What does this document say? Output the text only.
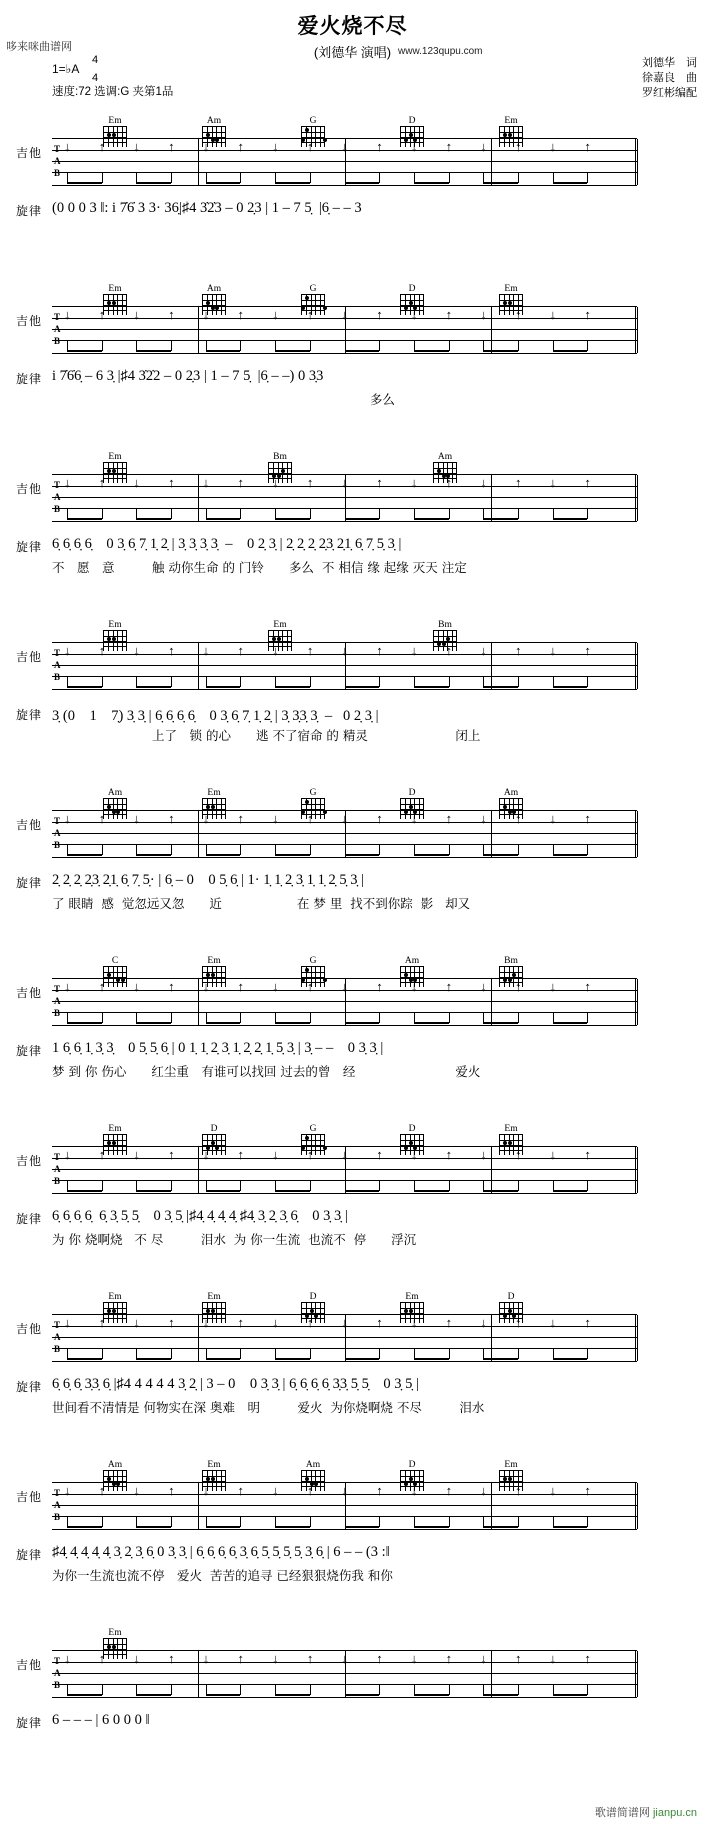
哆来咪曲谱网
爱火烧不尽
(刘德华 演唱) www.123qupu.com
刘德华　词
徐嘉良　曲
罗红彬编配
1=♭A
4

4
速度:72 选调:G 夹第1品
Em	Am	G	D	Em
吉他 T
A
B
↓ ↑ ↓ ↑ ↓ ↑ ↓ ↑ ↓ ↑ ↓ ↑ ↓ ↑ ↓ ↑
旋律 (0 0 0 3 ‖: i 7̇6̇ 3 3· 36̣|♯4 3̇2̇3 – 0 2̣3 | 1 – 7 5̣  |6̣ – – 3
Em	Am	G	D	Em
吉他 T
A
B
↓ ↑ ↓ ↑ ↓ ↑ ↓ ↑ ↓ ↑ ↓ ↑ ↓ ↑ ↓ ↑
旋律 i 7̇6̇6̣ – 6 3̣ |♯4 3̇2̇2 – 0 2̣3 | 1 – 7 5̣  |6̣ – –) 0 3̣3
多么
Em	Bm	Am
吉他 T
A
B
↓ ↑ ↓ ↑ ↓ ↑ ↓ ↑ ↓ ↑ ↓ ↑ ↓ ↑ ↓ ↑
旋律 6̣ 6̣ 6̣ 6̣    0 3̣ 6̣ 7̣ 1̣ 2̣ | 3̣ 3̣ 3̣ 3̣  –    0 2̣ 3̣ | 2̣ 2̣ 2̣ 2̣3̣ 2̣1̣ 6̣ 7̣ 5̣ 3̣ |
不　愿　意　　　触 动你生命 的 门铃　　多么  不 相信 缘 起缘 灭天 注定
Em	Em	Bm
吉他 T
A
B
↓ ↑ ↓ ↑ ↓ ↑ ↓ ↑ ↓ ↑ ↓ ↑ ↓ ↑ ↓ ↑
旋律 3̣ (0　1　7̣) 3̣ 3̣ | 6̣ 6̣ 6̣ 6̣    0 3̣ 6̣ 7̣ 1̣ 2̣ | 3̣ 3̣3̣ 3̣  –   0 2̣ 3̣ |
　　　　　　　　上了　锁 的心　　逃 不了宿命 的 精灵　　　　　　　闭上
Am	Em	G	D	Am
吉他 T
A
B
↓ ↑ ↓ ↑ ↓ ↑ ↓ ↑ ↓ ↑ ↓ ↑ ↓ ↑ ↓ ↑
旋律 2̣ 2̣ 2̣ 2̣3̣ 2̣1̣ 6̣ 7̣ 5̣· | 6̣ – 0    0 5̣ 6̣ | 1· 1̣ 1̣ 2̣ 3̣ 1̣ 1̣ 2̣ 5̣ 3̣ |
了 眼睛  感  觉忽远又忽　　近　　　　　　在 梦 里  找不到你踪  影   却又
C	Em	G	Am	Bm
吉他 T
A
B
↓ ↑ ↓ ↑ ↓ ↑ ↓ ↑ ↓ ↑ ↓ ↑ ↓ ↑ ↓ ↑
旋律 1 6̣ 6̣ 1̣ 3̣ 3̣    0 5̣ 5̣ 6̣ | 0 1̣ 1̣ 2̣ 3̣ 1̣ 2̣ 2̣ 1̣ 5̣ 3̣ | 3̣ – –    0 3̣ 3̣ |
梦 到 你 伤心　　红尘重　有谁可以找回 过去的曾　经　　　　　　　　爱火
Em	D	G	D	Em
吉他 T
A
B
↓ ↑ ↓ ↑ ↓ ↑ ↓ ↑ ↓ ↑ ↓ ↑ ↓ ↑ ↓ ↑
旋律 6̣ 6̣ 6̣ 6̣  6̣ 3̣ 5̣ 5̣    0 3̣ 5̣ |♯4̣ 4̣ 4̣ 4̣ ♯4̣ 3̣ 2̣ 3̣ 6̣    0 3̣ 3̣ |
为 你 烧啊烧   不 尽　　　泪水  为 你一生流  也流不  停　　浮沉
Em	Em	D	Em	D
吉他 T
A
B
↓ ↑ ↓ ↑ ↓ ↑ ↓ ↑ ↓ ↑ ↓ ↑ ↓ ↑ ↓ ↑
旋律 6̣ 6̣ 6̣ 3̣3̣ 6̣ |♯4 4 4 4 4 3̣ 2̣ | 3 – 0    0 3̣ 3̣ | 6̣ 6̣ 6̣ 6̣ 3̣3̣ 5̣ 5̣    0 3̣ 5̣ |
世间看不清情是 何物实在深 奥难　明　　　爱火  为你烧啊烧 不尽　　　泪水
Am	Em	Am	D	Em
吉他 T
A
B
↓ ↑ ↓ ↑ ↓ ↑ ↓ ↑ ↓ ↑ ↓ ↑ ↓ ↑ ↓ ↑
旋律 ♯4̣ 4̣ 4̣ 4̣ 4̣ 3̣ 2̣ 3̣ 6̣ 0 3̣ 3̣ | 6̣ 6̣ 6̣ 6̣ 3̣ 6̣ 5̣ 5̣ 5̣ 5̣ 3̣ 6̣ | 6 – – (3 :‖
为你一生流也流不停　爱火  苦苦的追寻 已经狠狠烧伤我 和你
Em
吉他 T
A
B
↓ ↑ ↓ ↑ ↓ ↑ ↓ ↑ ↓ ↑ ↓ ↑ ↓ ↑ ↓ ↑
旋律 6 – – – | 6 0 0 0 ‖
歌谱简谱网 jianpu.cn
